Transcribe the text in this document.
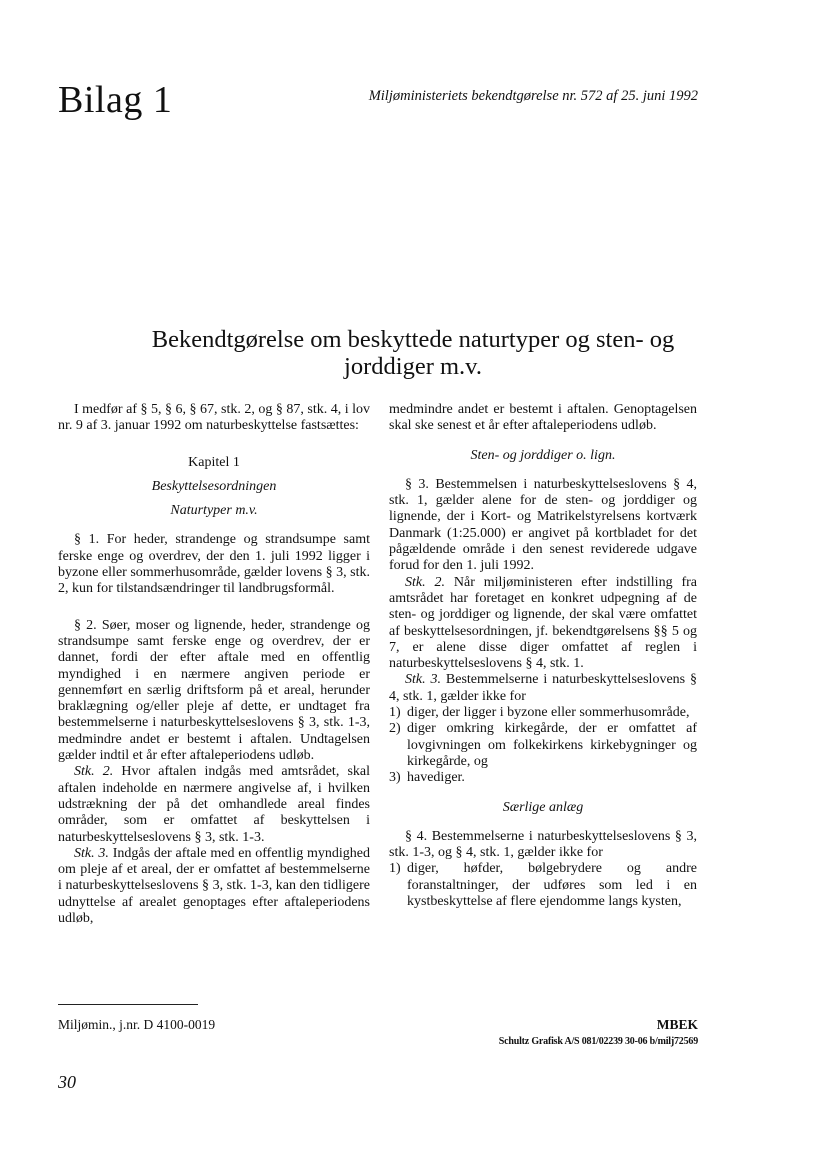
Bilag 1	Miljøministeriets bekendtgørelse nr. 572 af 25. juni 1992
Bekendtgørelse om beskyttede naturtyper og sten- og
jorddiger m.v.

I medfør af § 5, § 6, § 67, stk. 2, og § 87, stk. 4, i lov nr. 9 af 3. januar 1992 om naturbeskyttelse fastsættes:

Kapitel 1

Beskyttelsesordningen

Naturtyper m.v.

§ 1. For heder, strandenge og strandsumpe samt ferske enge og overdrev, der den 1. juli 1992 ligger i byzone eller sommerhusområde, gælder lovens § 3, stk. 2, kun for tilstandsændringer til landbrugsformål.

§ 2. Søer, moser og lignende, heder, strandenge og strandsumpe samt ferske enge og overdrev, der er dannet, fordi der efter aftale med en offentlig myndighed i en nærmere angiven periode er gennemført en særlig driftsform på et areal, herunder braklægning og/eller pleje af dette, er undtaget fra bestemmelserne i naturbeskyttelseslovens § 3, stk. 1-3, medmindre andet er bestemt i aftalen. Undtagelsen gælder indtil et år efter aftaleperiodens udløb.

Stk. 2. Hvor aftalen indgås med amtsrådet, skal aftalen indeholde en nærmere angivelse af, i hvilken udstrækning der på det omhandlede areal findes områder, som er omfattet af beskyttelsen i naturbeskyttelseslovens § 3, stk. 1-3.

Stk. 3. Indgås der aftale med en offentlig myndighed om pleje af et areal, der er omfattet af bestemmelserne i naturbeskyttelseslovens § 3, stk. 1-3, kan den tidligere udnyttelse af arealet genoptages efter aftaleperiodens udløb,

medmindre andet er bestemt i aftalen. Genoptagelsen skal ske senest et år efter aftaleperiodens udløb.

Sten- og jorddiger o. lign.

§ 3. Bestemmelsen i naturbeskyttelseslovens § 4, stk. 1, gælder alene for de sten- og jorddiger og lignende, der i Kort- og Matrikelstyrelsens kortværk Danmark (1:25.000) er angivet på kortbladet for det pågældende område i den senest reviderede udgave forud for den 1. juli 1992.

Stk. 2. Når miljøministeren efter indstilling fra amtsrådet har foretaget en konkret udpegning af de sten- og jorddiger og lignende, der skal være omfattet af beskyttelsesordningen, jf. bekendtgørelsens §§ 5 og 7, er alene disse diger omfattet af reglen i naturbeskyttelseslovens § 4, stk. 1.

Stk. 3. Bestemmelserne i naturbeskyttelseslovens § 4, stk. 1, gælder ikke for

1) diger, der ligger i byzone eller sommerhusområde,
2) diger omkring kirkegårde, der er omfattet af lovgivningen om folkekirkens kirkebygninger og kirkegårde, og
3) havediger.

Særlige anlæg

§ 4. Bestemmelserne i naturbeskyttelseslovens § 3, stk. 1-3, og § 4, stk. 1, gælder ikke for

1) diger, høfder, bølgebrydere og andre foranstaltninger, der udføres som led i en kystbeskyttelse af flere ejendomme langs kysten,
Miljømin., j.nr. D 4100-0019	MBEK
Schultz Grafisk A/S 081/02239 30-06 b/milj72569
30
